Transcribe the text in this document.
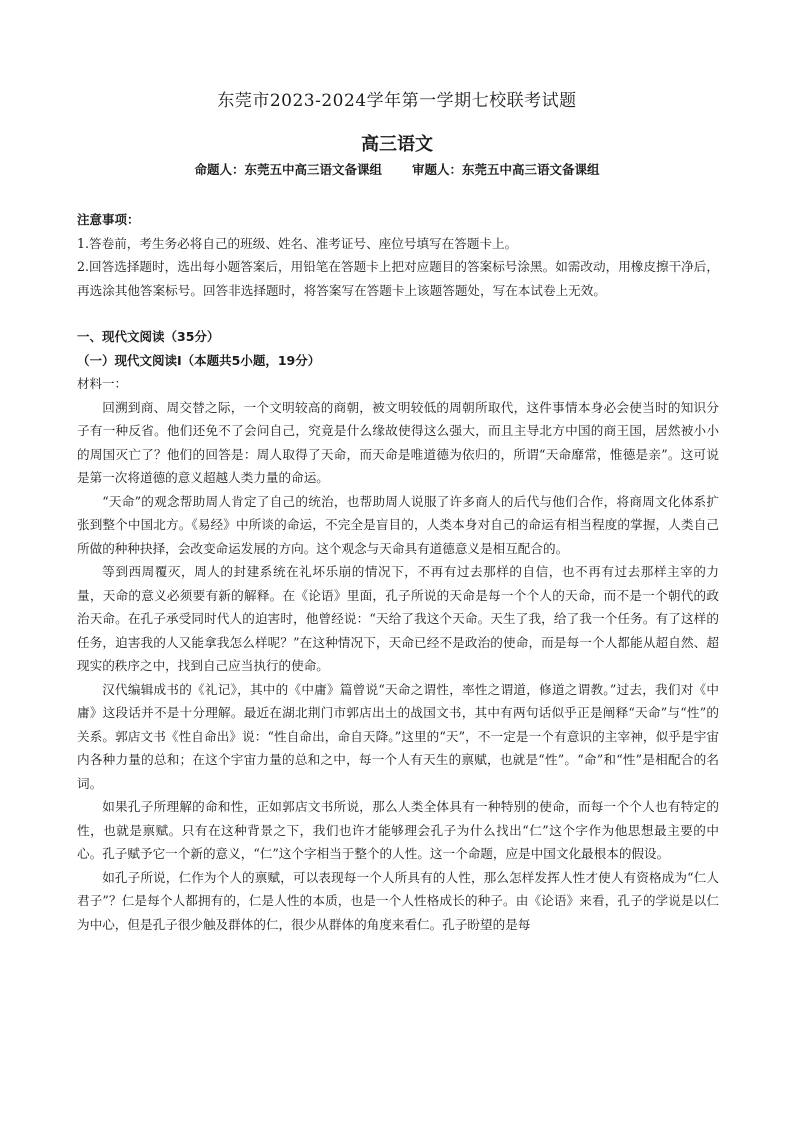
东莞市2023-2024学年第一学期七校联考试题
高三语文
命题人：东莞五中高三语文备课组 审题人：东莞五中高三语文备课组
注意事项：
1.答卷前，考生务必将自己的班级、姓名、准考证号、座位号填写在答题卡上。
2.回答选择题时，选出每小题答案后，用铅笔在答题卡上把对应题目的答案标号涂黑。如需改动，用橡皮擦干净后，再选涂其他答案标号。回答非选择题时，将答案写在答题卡上该题答题处，写在本试卷上无效。
一、现代文阅读（35分）
（一）现代文阅读Ⅰ（本题共5小题，19分）
材料一：

回溯到商、周交替之际，一个文明较高的商朝，被文明较低的周朝所取代，这件事情本身必会使当时的知识分子有一种反省。他们还免不了会问自己，究竟是什么缘故使得这么强大，而且主导北方中国的商王国，居然被小小的周国灭亡了？他们的回答是：周人取得了天命，而天命是唯道德为依归的，所谓“天命靡常，惟德是亲”。这可说是第一次将道德的意义超越人类力量的命运。

“天命”的观念帮助周人肯定了自己的统治，也帮助周人说服了许多商人的后代与他们合作，将商周文化体系扩张到整个中国北方。《易经》中所谈的命运，不完全是盲目的，人类本身对自己的命运有相当程度的掌握，人类自己所做的种种抉择，会改变命运发展的方向。这个观念与天命具有道德意义是相互配合的。

等到西周覆灭，周人的封建系统在礼坏乐崩的情况下，不再有过去那样的自信，也不再有过去那样主宰的力量，天命的意义必须要有新的解释。在《论语》里面，孔子所说的天命是每一个个人的天命，而不是一个朝代的政治天命。在孔子承受同时代人的迫害时，他曾经说：“天给了我这个天命。天生了我，给了我一个任务。有了这样的任务，迫害我的人又能拿我怎么样呢？”在这种情况下，天命已经不是政治的使命，而是每一个人都能从超自然、超现实的秩序之中，找到自己应当执行的使命。

汉代编辑成书的《礼记》，其中的《中庸》篇曾说“天命之谓性，率性之谓道，修道之谓教。”过去，我们对《中庸》这段话并不是十分理解。最近在湖北荆门市郭店出土的战国文书，其中有两句话似乎正是阐释“天命”与“性”的关系。郭店文书《性自命出》说：“性自命出，命自天降。”这里的“天”，不一定是一个有意识的主宰神，似乎是宇宙内各种力量的总和；在这个宇宙力量的总和之中，每一个人有天生的禀赋，也就是“性”。“命”和“性”是相配合的名词。

如果孔子所理解的命和性，正如郭店文书所说，那么人类全体具有一种特别的使命，而每一个个人也有特定的性，也就是禀赋。只有在这种背景之下，我们也许才能够理会孔子为什么找出“仁”这个字作为他思想最主要的中心。孔子赋予它一个新的意义，“仁”这个字相当于整个的人性。这一个命题，应是中国文化最根本的假设。

如孔子所说，仁作为个人的禀赋，可以表现每一个人所具有的人性，那么怎样发挥人性才使人有资格成为“仁人君子”？仁是每个人都拥有的，仁是人性的本质，也是一个人性格成长的种子。由《论语》来看，孔子的学说是以仁为中心，但是孔子很少触及群体的仁，很少从群体的角度来看仁。孔子盼望的是每
